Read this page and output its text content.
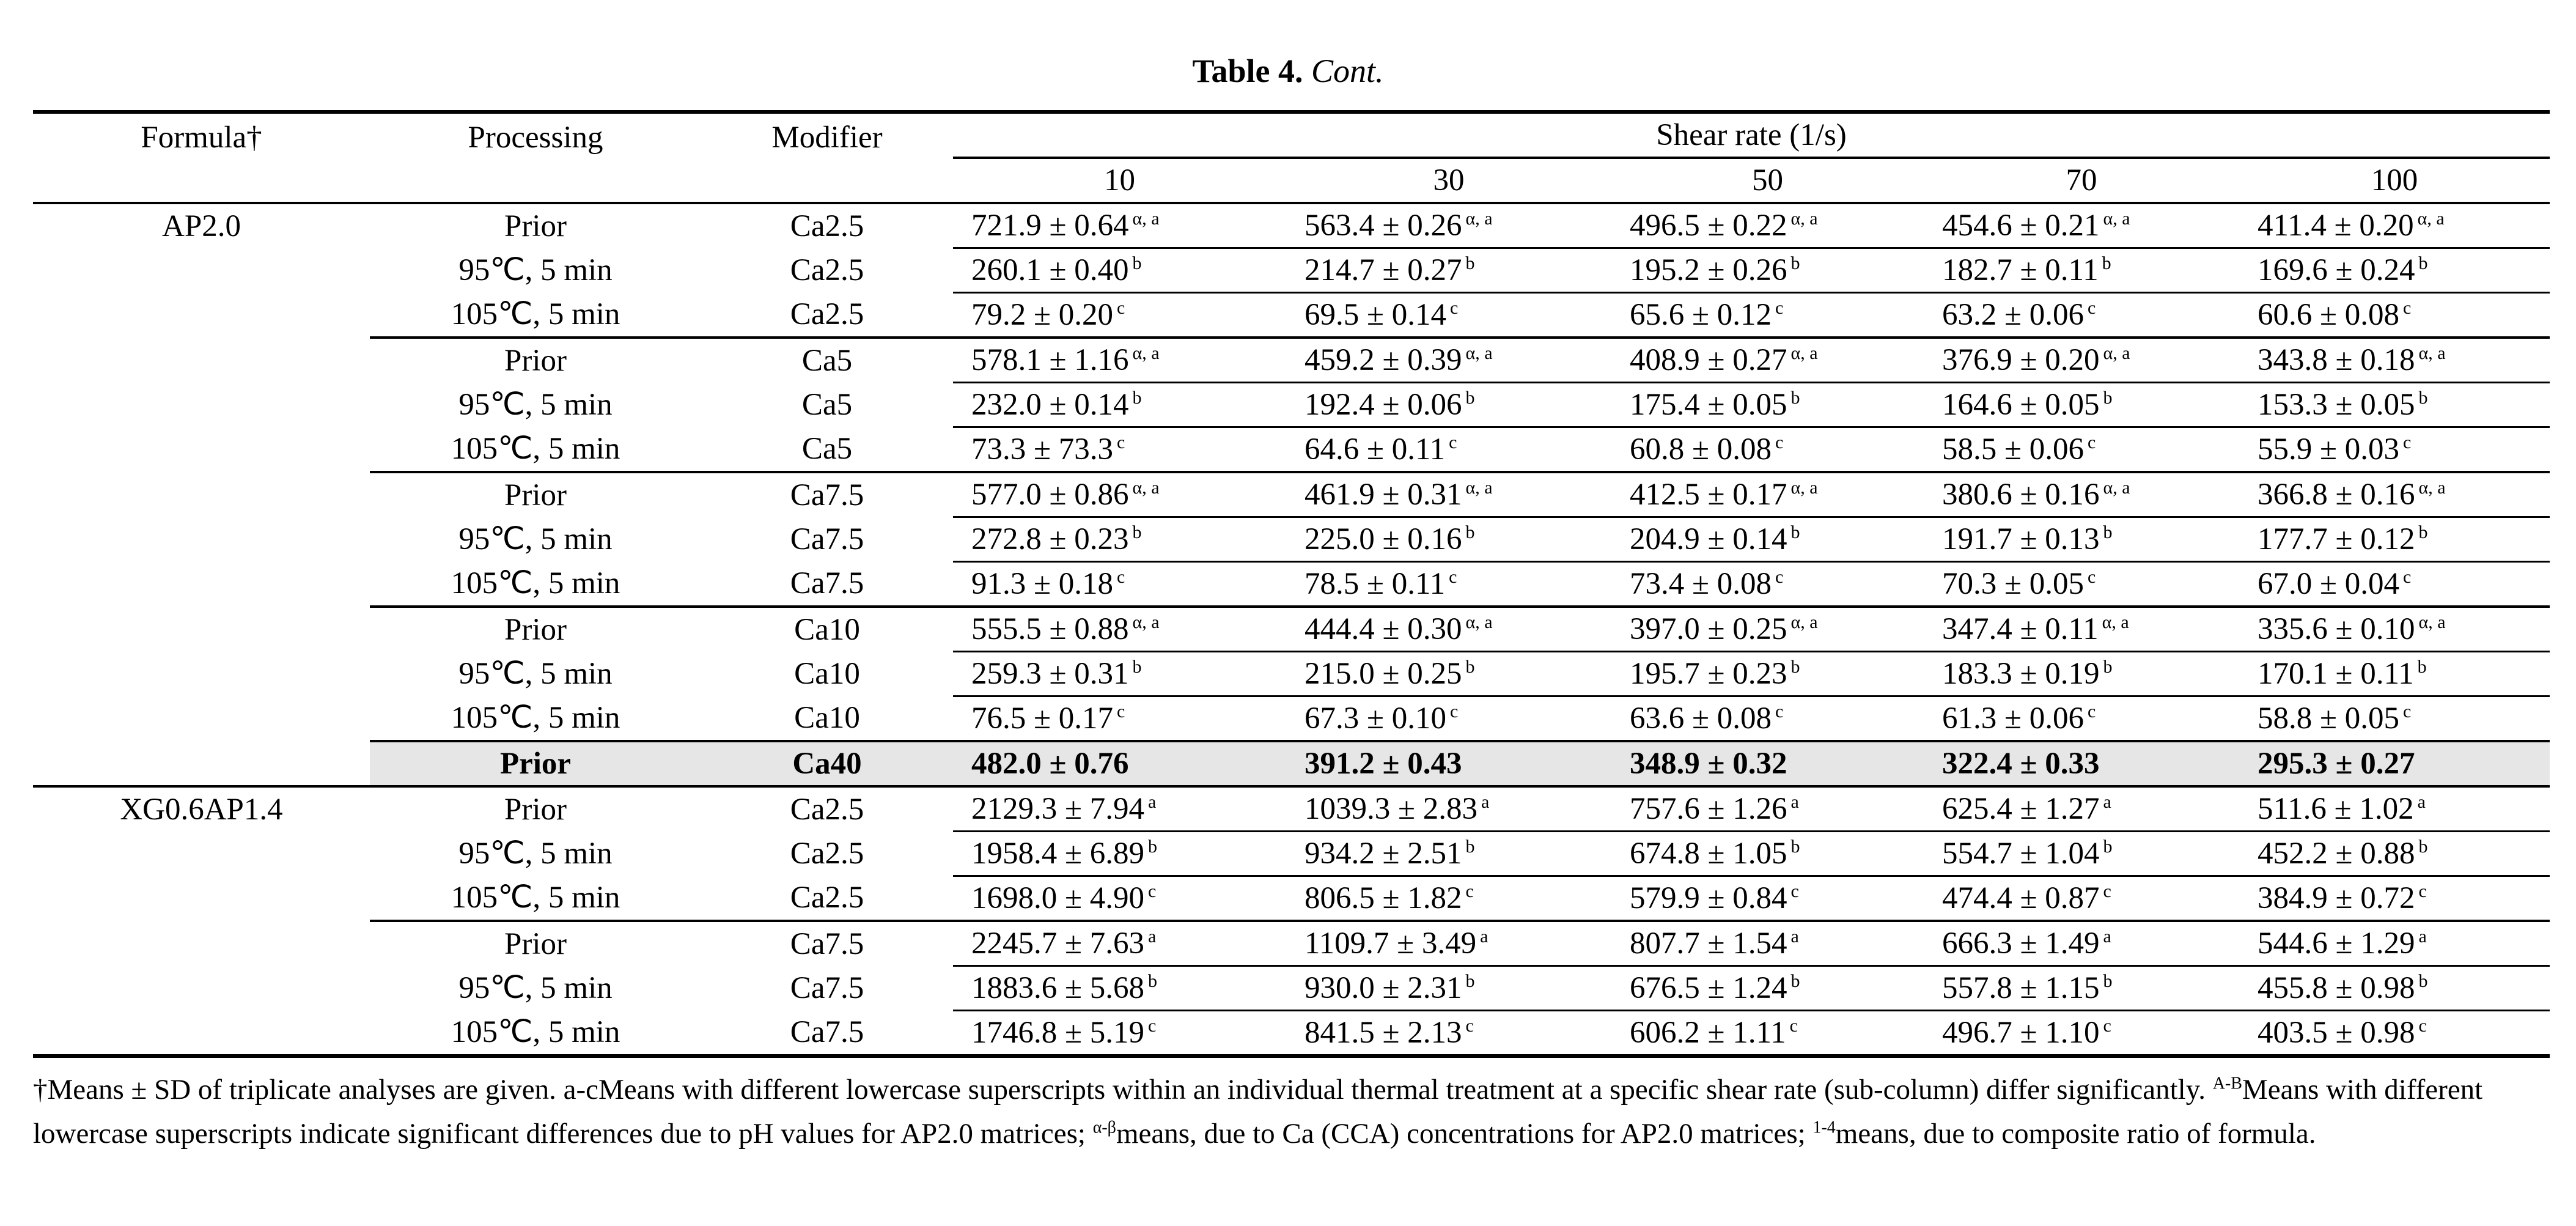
Table 4. Cont.
Formula†	Processing	Modifier	Shear rate (1/s)				
			10	30	50	70	100
AP2.0	Prior	Ca2.5	721.9 ± 0.64 $^{\alpha, a}$	563.4 ± 0.26 $^{\alpha, a}$	496.5 ± 0.22 $^{\alpha, a}$	454.6 ± 0.21 $^{\alpha, a}$	411.4 ± 0.20 $^{\alpha, a}$
	95℃, 5 min	Ca2.5	260.1 ± 0.40 $^b$	214.7 ± 0.27 $^b$	195.2 ± 0.26 $^b$	182.7 ± 0.11 $^b$	169.6 ± 0.24 $^b$
	105℃, 5 min	Ca2.5	79.2 ± 0.20 $^c$	69.5 ± 0.14 $^c$	65.6 ± 0.12 $^c$	63.2 ± 0.06 $^c$	60.6 ± 0.08 $^c$
	Prior	Ca5	578.1 ± 1.16 $^{\alpha, a}$	459.2 ± 0.39 $^{\alpha, a}$	408.9 ± 0.27 $^{\alpha, a}$	376.9 ± 0.20 $^{\alpha, a}$	343.8 ± 0.18 $^{\alpha, a}$
	95℃, 5 min	Ca5	232.0 ± 0.14 $^b$	192.4 ± 0.06 $^b$	175.4 ± 0.05 $^b$	164.6 ± 0.05 $^b$	153.3 ± 0.05 $^b$
	105℃, 5 min	Ca5	73.3 ± 73.3 $^c$	64.6 ± 0.11 $^c$	60.8 ± 0.08 $^c$	58.5 ± 0.06 $^c$	55.9 ± 0.03 $^c$
	Prior	Ca7.5	577.0 ± 0.86 $^{\alpha, a}$	461.9 ± 0.31 $^{\alpha, a}$	412.5 ± 0.17 $^{\alpha, a}$	380.6 ± 0.16 $^{\alpha, a}$	366.8 ± 0.16 $^{\alpha, a}$
	95℃, 5 min	Ca7.5	272.8 ± 0.23 $^b$	225.0 ± 0.16 $^b$	204.9 ± 0.14 $^b$	191.7 ± 0.13 $^b$	177.7 ± 0.12 $^b$
	105℃, 5 min	Ca7.5	91.3 ± 0.18 $^c$	78.5 ± 0.11 $^c$	73.4 ± 0.08 $^c$	70.3 ± 0.05 $^c$	67.0 ± 0.04 $^c$
	Prior	Ca10	555.5 ± 0.88 $^{\alpha, a}$	444.4 ± 0.30 $^{\alpha, a}$	397.0 ± 0.25 $^{\alpha, a}$	347.4 ± 0.11 $^{\alpha, a}$	335.6 ± 0.10 $^{\alpha, a}$
	95℃, 5 min	Ca10	259.3 ± 0.31 $^b$	215.0 ± 0.25 $^b$	195.7 ± 0.23 $^b$	183.3 ± 0.19 $^b$	170.1 ± 0.11 $^b$
	105℃, 5 min	Ca10	76.5 ± 0.17 $^c$	67.3 ± 0.10 $^c$	63.6 ± 0.08 $^c$	61.3 ± 0.06 $^c$	58.8 ± 0.05 $^c$
	Prior	Ca40	482.0 ± 0.76	391.2 ± 0.43	348.9 ± 0.32	322.4 ± 0.33	295.3 ± 0.27
XG0.6AP1.4	Prior	Ca2.5	2129.3 ± 7.94 $^a$	1039.3 ± 2.83 $^a$	757.6 ± 1.26 $^a$	625.4 ± 1.27 $^a$	511.6 ± 1.02 $^a$
	95℃, 5 min	Ca2.5	1958.4 ± 6.89 $^b$	934.2 ± 2.51 $^b$	674.8 ± 1.05 $^b$	554.7 ± 1.04 $^b$	452.2 ± 0.88 $^b$
	105℃, 5 min	Ca2.5	1698.0 ± 4.90 $^c$	806.5 ± 1.82 $^c$	579.9 ± 0.84 $^c$	474.4 ± 0.87 $^c$	384.9 ± 0.72 $^c$
	Prior	Ca7.5	2245.7 ± 7.63 $^a$	1109.7 ± 3.49 $^a$	807.7 ± 1.54 $^a$	666.3 ± 1.49 $^a$	544.6 ± 1.29 $^a$
	95℃, 5 min	Ca7.5	1883.6 ± 5.68 $^b$	930.0 ± 2.31 $^b$	676.5 ± 1.24 $^b$	557.8 ± 1.15 $^b$	455.8 ± 0.98 $^b$
	105℃, 5 min	Ca7.5	1746.8 ± 5.19 $^c$	841.5 ± 2.13 $^c$	606.2 ± 1.11 $^c$	496.7 ± 1.10 $^c$	403.5 ± 0.98 $^c$
†Means ± SD of triplicate analyses are given. a-cMeans with different lowercase superscripts within an individual thermal treatment at a specific shear rate (sub-column) differ significantly. $^{A-B}$Means with different lowercase superscripts indicate significant differences due to pH values for AP2.0 matrices; $^{\alpha-\beta}$means, due to Ca (CCA) concentrations for AP2.0 matrices; $^{1-4}$means, due to composite ratio of formula.
